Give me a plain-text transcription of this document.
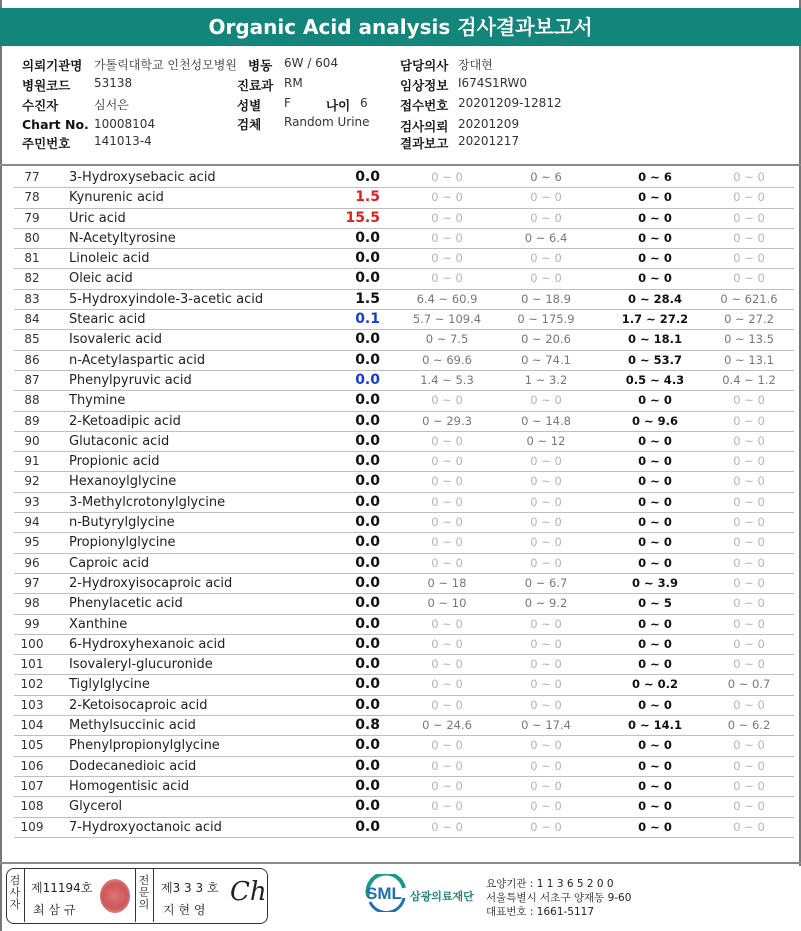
Organic Acid analysis 검사결과보고서
의뢰기관명 가톨릭대학교 인천성모병원 병동 6W / 604	담당의사 장대현
병원코드 53138	진료과 RM	임상정보 I674S1RW0
수진자	심서은	성별 F	나이 6	접수번호 20201209-12812
Chart No. 10008104	검체 Random Urine 검사의뢰 20201209
주민번호 141013-4	결과보고 20201217
77	3-Hydroxysebacic acid	0.0	0 ~ 0	0 ~ 6	0 ~ 6	0 ~ 0
78	Kynurenic acid	1.5	0 ~ 0	0 ~ 0	0 ~ 0	0 ~ 0
79	Uric acid	15.5	0 ~ 0	0 ~ 0	0 ~ 0	0 ~ 0
80	N-Acetyltyrosine	0.0	0 ~ 0	0 ~ 6.4	0 ~ 0	0 ~ 0
81	Linoleic acid	0.0	0 ~ 0	0 ~ 0	0 ~ 0	0 ~ 0
82	Oleic acid	0.0	0 ~ 0	0 ~ 0	0 ~ 0	0 ~ 0
83	5-Hydroxyindole-3-acetic acid	1.5	6.4 ~ 60.9	0 ~ 18.9	0 ~ 28.4	0 ~ 621.6
84	Stearic acid	0.1	5.7 ~ 109.4	0 ~ 175.9	1.7 ~ 27.2	0 ~ 27.2
85	Isovaleric acid	0.0	0 ~ 7.5	0 ~ 20.6	0 ~ 18.1	0 ~ 13.5
86	n-Acetylaspartic acid	0.0	0 ~ 69.6	0 ~ 74.1	0 ~ 53.7	0 ~ 13.1
87	Phenylpyruvic acid	0.0	1.4 ~ 5.3	1 ~ 3.2	0.5 ~ 4.3	0.4 ~ 1.2
88	Thymine	0.0	0 ~ 0	0 ~ 0	0 ~ 0	0 ~ 0
89	2-Ketoadipic acid	0.0	0 ~ 29.3	0 ~ 14.8	0 ~ 9.6	0 ~ 0
90	Glutaconic acid	0.0	0 ~ 0	0 ~ 12	0 ~ 0	0 ~ 0
91	Propionic acid	0.0	0 ~ 0	0 ~ 0	0 ~ 0	0 ~ 0
92	Hexanoylglycine	0.0	0 ~ 0	0 ~ 0	0 ~ 0	0 ~ 0
93	3-Methylcrotonylglycine	0.0	0 ~ 0	0 ~ 0	0 ~ 0	0 ~ 0
94	n-Butyrylglycine	0.0	0 ~ 0	0 ~ 0	0 ~ 0	0 ~ 0
95	Propionylglycine	0.0	0 ~ 0	0 ~ 0	0 ~ 0	0 ~ 0
96	Caproic acid	0.0	0 ~ 0	0 ~ 0	0 ~ 0	0 ~ 0
97	2-Hydroxyisocaproic acid	0.0	0 ~ 18	0 ~ 6.7	0 ~ 3.9	0 ~ 0
98	Phenylacetic acid	0.0	0 ~ 10	0 ~ 9.2	0 ~ 5	0 ~ 0
99	Xanthine	0.0	0 ~ 0	0 ~ 0	0 ~ 0	0 ~ 0
100	6-Hydroxyhexanoic acid	0.0	0 ~ 0	0 ~ 0	0 ~ 0	0 ~ 0
101	Isovaleryl-glucuronide	0.0	0 ~ 0	0 ~ 0	0 ~ 0	0 ~ 0
102	Tiglylglycine	0.0	0 ~ 0	0 ~ 0	0 ~ 0.2	0 ~ 0.7
103	2-Ketoisocaproic acid	0.0	0 ~ 0	0 ~ 0	0 ~ 0	0 ~ 0
104	Methylsuccinic acid	0.8	0 ~ 24.6	0 ~ 17.4	0 ~ 14.1	0 ~ 6.2
105	Phenylpropionylglycine	0.0	0 ~ 0	0 ~ 0	0 ~ 0	0 ~ 0
106	Dodecanedioic acid	0.0	0 ~ 0	0 ~ 0	0 ~ 0	0 ~ 0
107	Homogentisic acid	0.0	0 ~ 0	0 ~ 0	0 ~ 0	0 ~ 0
108	Glycerol	0.0	0 ~ 0	0 ~ 0	0 ~ 0	0 ~ 0
109	7-Hydroxyoctanoic acid	0.0	0 ~ 0	0 ~ 0	0 ~ 0	0 ~ 0
검
사
자
제11194호
최 삼 규
전
문
의
제3 3 3 호
지 현 영
Ch	SML 삼광의료재단
요양기관 : 1 1 3 6 5 2 0 0
서울특별시 서초구 양재동 9-60
대표번호 : 1661-5117
